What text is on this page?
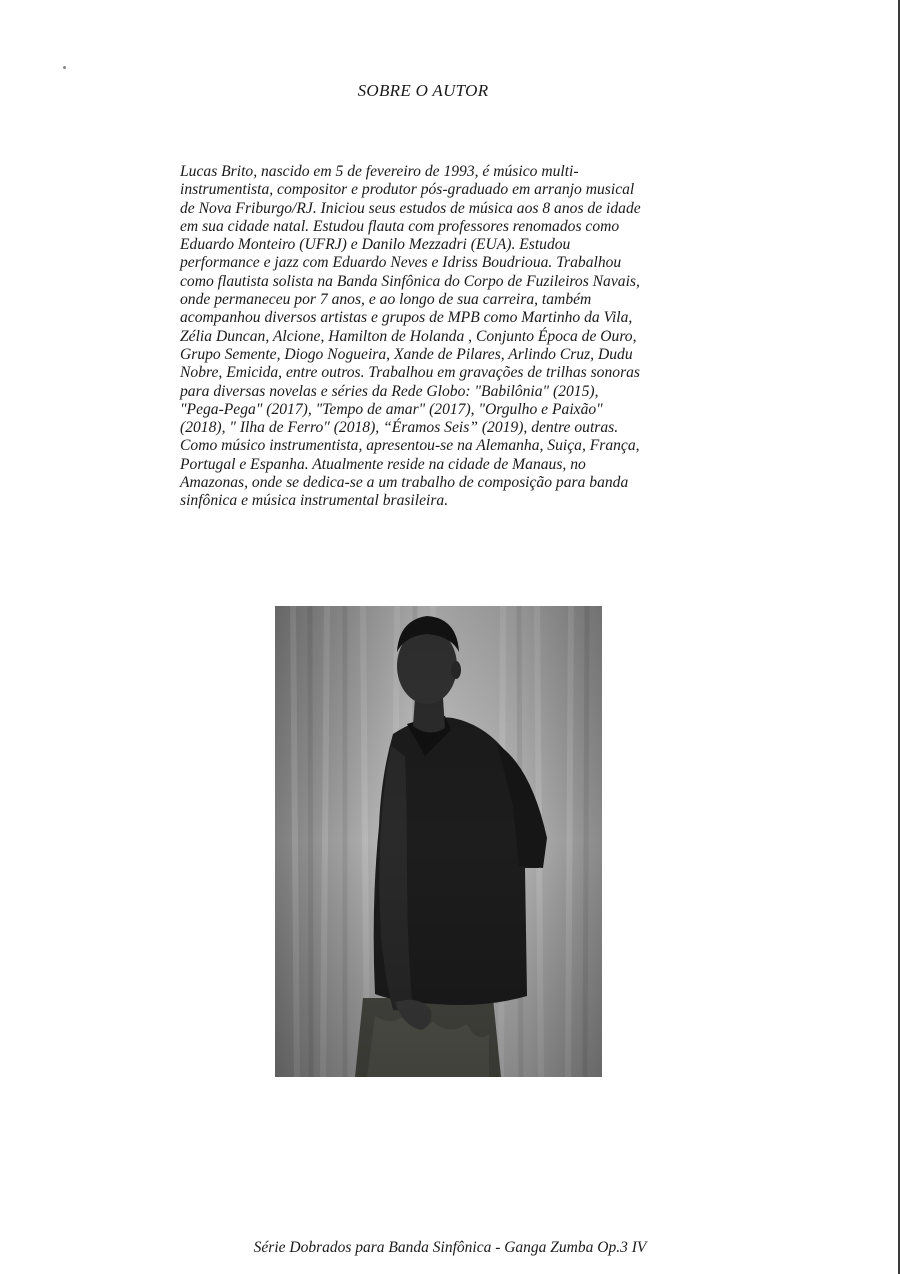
SOBRE O AUTOR
Lucas Brito, nascido em 5 de fevereiro de 1993, é músico multi-
instrumentista, compositor e produtor pós-graduado em arranjo musical
de Nova Friburgo/RJ. Iniciou seus estudos de música aos 8 anos de idade
em sua cidade natal. Estudou flauta com professores renomados como
Eduardo Monteiro (UFRJ) e Danilo Mezzadri (EUA). Estudou
performance e jazz com Eduardo Neves e Idriss Boudrioua. Trabalhou
como flautista solista na Banda Sinfônica do Corpo de Fuzileiros Navais,
onde permaneceu por 7 anos, e ao longo de sua carreira, também
acompanhou diversos artistas e grupos de MPB como Martinho da Vila,
Zélia Duncan, Alcione, Hamilton de Holanda , Conjunto Época de Ouro,
Grupo Semente, Diogo Nogueira, Xande de Pilares, Arlindo Cruz, Dudu
Nobre, Emicida, entre outros. Trabalhou em gravações de trilhas sonoras
para diversas novelas e séries da Rede Globo: "Babilônia" (2015),
"Pega-Pega" (2017), "Tempo de amar" (2017), "Orgulho e Paixão"
(2018), " Ilha de Ferro" (2018), “Éramos Seis” (2019), dentre outras.
Como músico instrumentista, apresentou-se na Alemanha, Suiça, França,
Portugal e Espanha. Atualmente reside na cidade de Manaus, no
Amazonas, onde se dedica-se a um trabalho de composição para banda
sinfônica e música instrumental brasileira.

Série Dobrados para Banda Sinfônica - Ganga Zumba Op.3 IV
